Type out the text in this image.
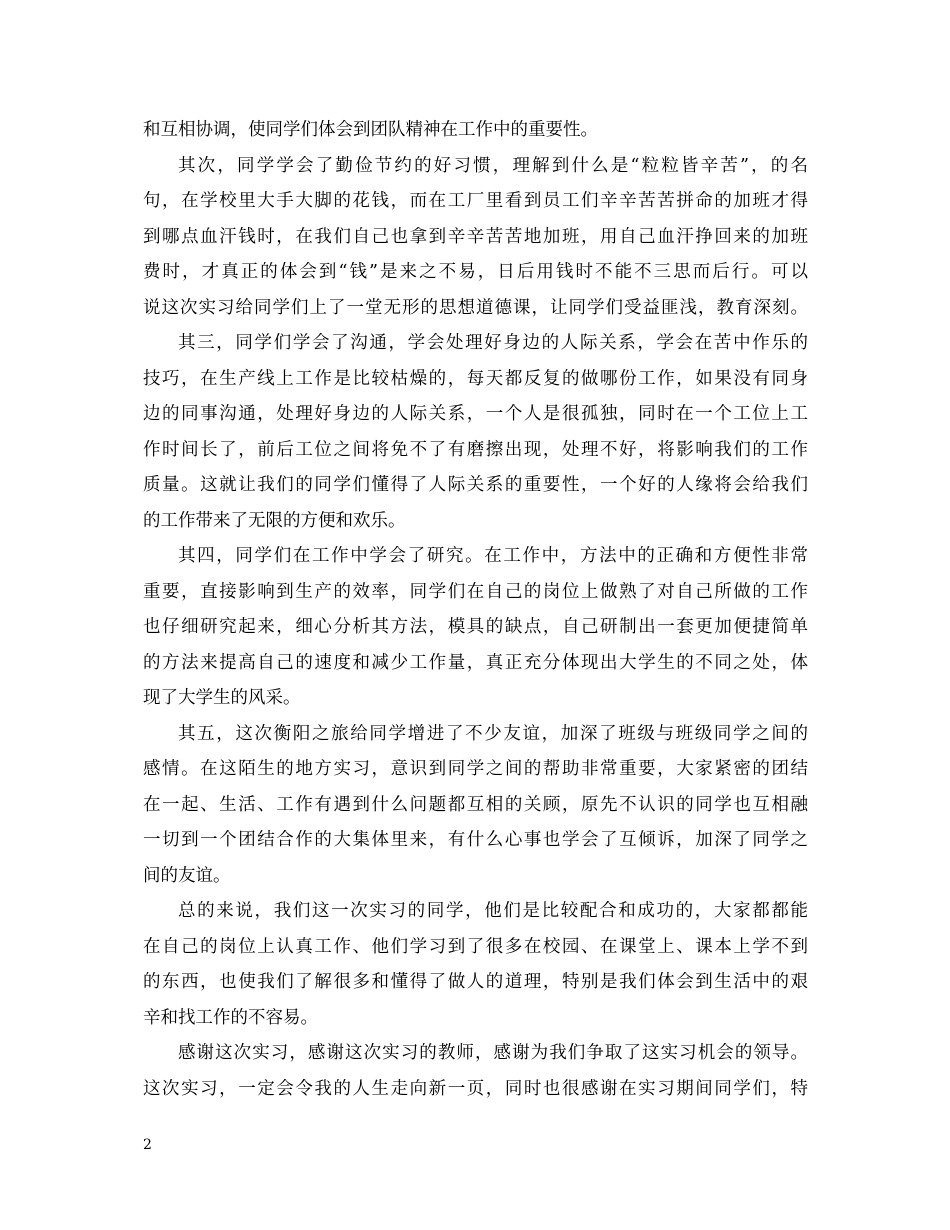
和互相协调，使同学们体会到团队精神在工作中的重要性。
其次，同学学会了勤俭节约的好习惯，理解到什么是“粒粒皆辛苦”，的名
句，在学校里大手大脚的花钱，而在工厂里看到员工们辛辛苦苦拼命的加班才得
到哪点血汗钱时，在我们自己也拿到辛辛苦苦地加班，用自己血汗挣回来的加班
费时，才真正的体会到“钱”是来之不易，日后用钱时不能不三思而后行。可以
说这次实习给同学们上了一堂无形的思想道德课，让同学们受益匪浅，教育深刻。
其三，同学们学会了沟通，学会处理好身边的人际关系，学会在苦中作乐的
技巧，在生产线上工作是比较枯燥的，每天都反复的做哪份工作，如果没有同身
边的同事沟通，处理好身边的人际关系，一个人是很孤独，同时在一个工位上工
作时间长了，前后工位之间将免不了有磨擦出现，处理不好，将影响我们的工作
质量。这就让我们的同学们懂得了人际关系的重要性，一个好的人缘将会给我们
的工作带来了无限的方便和欢乐。
其四，同学们在工作中学会了研究。在工作中，方法中的正确和方便性非常
重要，直接影响到生产的效率，同学们在自己的岗位上做熟了对自己所做的工作
也仔细研究起来，细心分析其方法，模具的缺点，自己研制出一套更加便捷简单
的方法来提高自己的速度和减少工作量，真正充分体现出大学生的不同之处，体
现了大学生的风采。
其五，这次衡阳之旅给同学增进了不少友谊，加深了班级与班级同学之间的
感情。在这陌生的地方实习，意识到同学之间的帮助非常重要，大家紧密的团结
在一起、生活、工作有遇到什么问题都互相的关顾，原先不认识的同学也互相融
一切到一个团结合作的大集体里来，有什么心事也学会了互倾诉，加深了同学之
间的友谊。
总的来说，我们这一次实习的同学，他们是比较配合和成功的，大家都都能
在自己的岗位上认真工作、他们学习到了很多在校园、在课堂上、课本上学不到
的东西，也使我们了解很多和懂得了做人的道理，特别是我们体会到生活中的艰
辛和找工作的不容易。
感谢这次实习，感谢这次实习的教师，感谢为我们争取了这实习机会的领导。
这次实习，一定会令我的人生走向新一页，同时也很感谢在实习期间同学们，特
2
